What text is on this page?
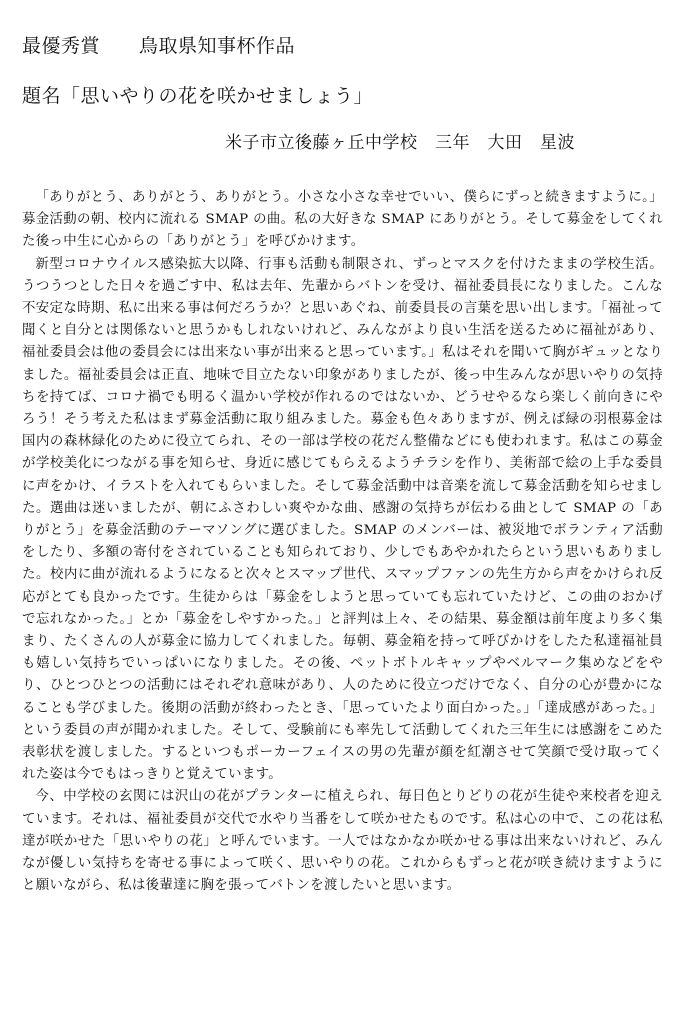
最優秀賞　　鳥取県知事杯作品
題名「思いやりの花を咲かせましょう」
米子市立後藤ヶ丘中学校　三年　大田　星波

「ありがとう、ありがとう、ありがとう。小さな小さな幸せでいい、僕らにずっと続きますように。」募金活動の朝、校内に流れる SMAP の曲。私の大好きな SMAP にありがとう。そして募金をしてくれた後っ中生に心からの「ありがとう」を呼びかけます。

新型コロナウイルス感染拡大以降、行事も活動も制限され、ずっとマスクを付けたままの学校生活。うつうつとした日々を過ごす中、私は去年、先輩からバトンを受け、福祉委員長になりました。こんな不安定な時期、私に出来る事は何だろうか？と思いあぐね、前委員長の言葉を思い出します。「福祉って聞くと自分とは関係ないと思うかもしれないけれど、みんながより良い生活を送るために福祉があり、福祉委員会は他の委員会には出来ない事が出来ると思っています。」私はそれを聞いて胸がギュッとなりました。福祉委員会は正直、地味で目立たない印象がありましたが、後っ中生みんなが思いやりの気持ちを持てば、コロナ禍でも明るく温かい学校が作れるのではないか、どうせやるなら楽しく前向きにやろう！そう考えた私はまず募金活動に取り組みました。募金も色々ありますが、例えば緑の羽根募金は国内の森林緑化のために役立てられ、その一部は学校の花だん整備などにも使われます。私はこの募金が学校美化につながる事を知らせ、身近に感じてもらえるようチラシを作り、美術部で絵の上手な委員に声をかけ、イラストを入れてもらいました。そして募金活動中は音楽を流して募金活動を知らせました。選曲は迷いましたが、朝にふさわしい爽やかな曲、感謝の気持ちが伝わる曲として SMAP の「ありがとう」を募金活動のテーマソングに選びました。SMAP のメンバーは、被災地でボランティア活動をしたり、多額の寄付をされていることも知られており、少しでもあやかれたらという思いもありました。校内に曲が流れるようになると次々とスマップ世代、スマップファンの先生方から声をかけられ反応がとても良かったです。生徒からは「募金をしようと思っていても忘れていたけど、この曲のおかげで忘れなかった。」とか「募金をしやすかった。」と評判は上々、その結果、募金額は前年度より多く集まり、たくさんの人が募金に協力してくれました。毎朝、募金箱を持って呼びかけをしたた私達福祉員も嬉しい気持ちでいっぱいになりました。その後、ペットボトルキャップやベルマーク集めなどをやり、ひとつひとつの活動にはそれぞれ意味があり、人のために役立つだけでなく、自分の心が豊かになることも学びました。後期の活動が終わったとき、「思っていたより面白かった。」「達成感があった。」という委員の声が聞かれました。そして、受験前にも率先して活動してくれた三年生には感謝をこめた表彰状を渡しました。するといつもポーカーフェイスの男の先輩が顔を紅潮させて笑顔で受け取ってくれた姿は今でもはっきりと覚えています。

今、中学校の玄関には沢山の花がプランターに植えられ、毎日色とりどりの花が生徒や来校者を迎えています。それは、福祉委員が交代で水やり当番をして咲かせたものです。私は心の中で、この花は私達が咲かせた「思いやりの花」と呼んでいます。一人ではなかなか咲かせる事は出来ないけれど、みんなが優しい気持ちを寄せる事によって咲く、思いやりの花。これからもずっと花が咲き続けますようにと願いながら、私は後輩達に胸を張ってバトンを渡したいと思います。
